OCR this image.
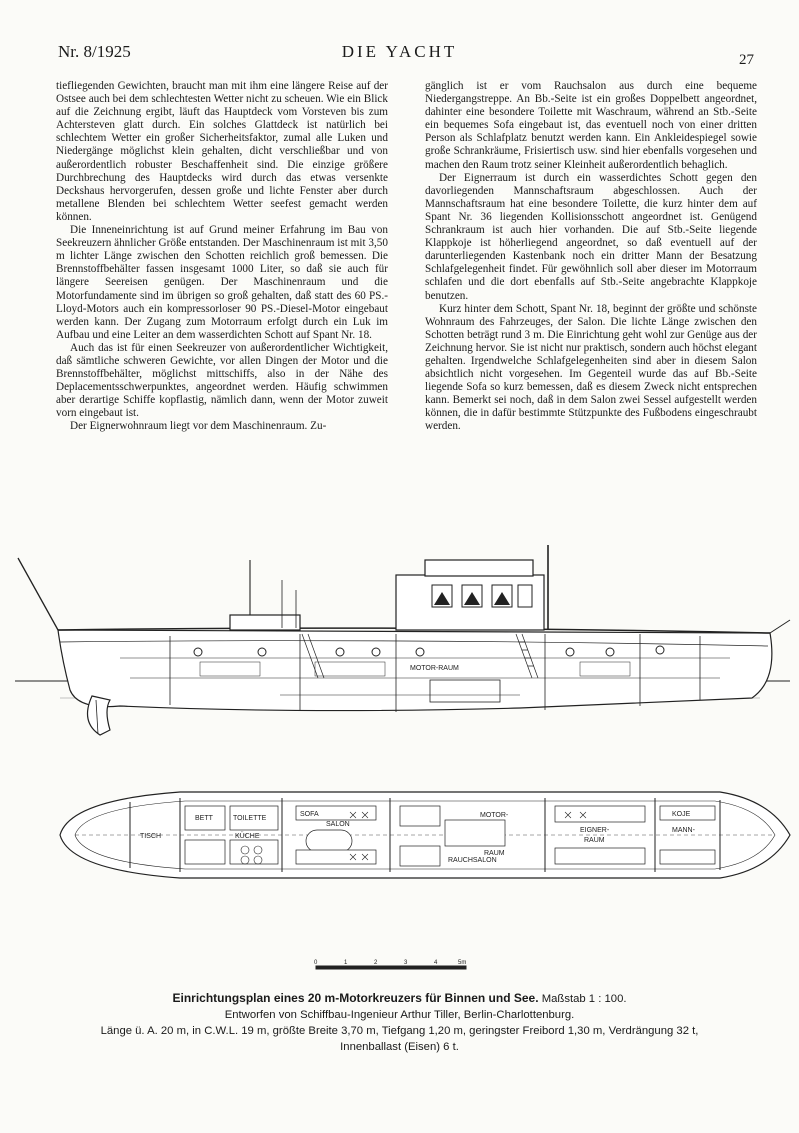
Nr. 8/1925	DIE YACHT	27

tiefliegenden Gewichten, braucht man mit ihm eine längere Reise auf der Ostsee auch bei dem schlechtesten Wetter nicht zu scheuen. Wie ein Blick auf die Zeichnung ergibt, läuft das Hauptdeck vom Vorsteven bis zum Achtersteven glatt durch. Ein solches Glattdeck ist natürlich bei schlechtem Wetter ein großer Sicherheitsfaktor, zumal alle Luken und Niedergänge möglichst klein gehalten, dicht verschließbar und von außerordentlich robuster Beschaffenheit sind. Die einzige größere Durchbrechung des Hauptdecks wird durch das etwas versenkte Deckshaus hervorgerufen, dessen große und lichte Fenster aber durch metallene Blenden bei schlechtem Wetter seefest gemacht werden können.

Die Inneneinrichtung ist auf Grund meiner Erfahrung im Bau von Seekreuzern ähnlicher Größe entstanden. Der Maschinenraum ist mit 3,50 m lichter Länge zwischen den Schotten reichlich groß bemessen. Die Brennstoffbehälter fassen insgesamt 1000 Liter, so daß sie auch für längere Seereisen genügen. Der Maschinenraum und die Motorfundamente sind im übrigen so groß gehalten, daß statt des 60 PS.-Lloyd-Motors auch ein kompressorloser 90 PS.-Diesel-Motor eingebaut werden kann. Der Zugang zum Motorraum erfolgt durch ein Luk im Aufbau und eine Leiter an dem wasserdichten Schott auf Spant Nr. 18.

Auch das ist für einen Seekreuzer von außerordentlicher Wichtigkeit, daß sämtliche schweren Gewichte, vor allen Dingen der Motor und die Brennstoffbehälter, möglichst mittschiffs, also in der Nähe des Deplacementsschwerpunktes, angeordnet werden. Häufig schwimmen aber derartige Schiffe kopflastig, nämlich dann, wenn der Motor zuweit vorn eingebaut ist.

Der Eignerwohnraum liegt vor dem Maschinenraum. Zu-

gänglich ist er vom Rauchsalon aus durch eine bequeme Niedergangstreppe. An Bb.-Seite ist ein großes Doppelbett angeordnet, dahinter eine besondere Toilette mit Waschraum, während an Stb.-Seite ein bequemes Sofa eingebaut ist, das eventuell noch von einer dritten Person als Schlafplatz benutzt werden kann. Ein Ankleidespiegel sowie große Schrankräume, Frisiertisch usw. sind hier ebenfalls vorgesehen und machen den Raum trotz seiner Kleinheit außerordentlich behaglich.

Der Eignerraum ist durch ein wasserdichtes Schott gegen den davorliegenden Mannschaftsraum abgeschlossen. Auch der Mannschaftsraum hat eine besondere Toilette, die kurz hinter dem auf Spant Nr. 36 liegenden Kollisionsschott angeordnet ist. Genügend Schrankraum ist auch hier vorhanden. Die auf Stb.-Seite liegende Klappkoje ist höherliegend angeordnet, so daß eventuell auf der darunterliegenden Kastenbank noch ein dritter Mann der Besatzung Schlafgelegenheit findet. Für gewöhnlich soll aber dieser im Motorraum schlafen und die dort ebenfalls auf Stb.-Seite angebrachte Klappkoje benutzen.

Kurz hinter dem Schott, Spant Nr. 18, beginnt der größte und schönste Wohnraum des Fahrzeuges, der Salon. Die lichte Länge zwischen den Schotten beträgt rund 3 m. Die Einrichtung geht wohl zur Genüge aus der Zeichnung hervor. Sie ist nicht nur praktisch, sondern auch höchst elegant gehalten. Irgendwelche Schlafgelegenheiten sind aber in diesem Salon absichtlich nicht vorgesehen. Im Gegenteil wurde das auf Bb.-Seite liegende Sofa so kurz bemessen, daß es diesem Zweck nicht entsprechen kann. Bemerkt sei noch, daß in dem Salon zwei Sessel aufgestellt werden können, die in dafür bestimmte Stützpunkte des Fußbodens eingeschraubt werden.

MOTOR-RAUM
SALON
MOTOR-
RAUM
KÜCHE
SOFA
BETT	TOILETTE
RAUCHSALON
EIGNER-
RAUM
MANN-
KOJE
TISCH
0	1	2	3	4	5m
Einrichtungsplan eines 20 m-Motorkreuzers für Binnen und See. Maßstab 1 : 100.
Entworfen von Schiffbau-Ingenieur Arthur Tiller, Berlin-Charlottenburg.
Länge ü. A. 20 m, in C.W.L. 19 m, größte Breite 3,70 m, Tiefgang 1,20 m, geringster Freibord 1,30 m, Verdrängung 32 t,
Innenballast (Eisen) 6 t.
